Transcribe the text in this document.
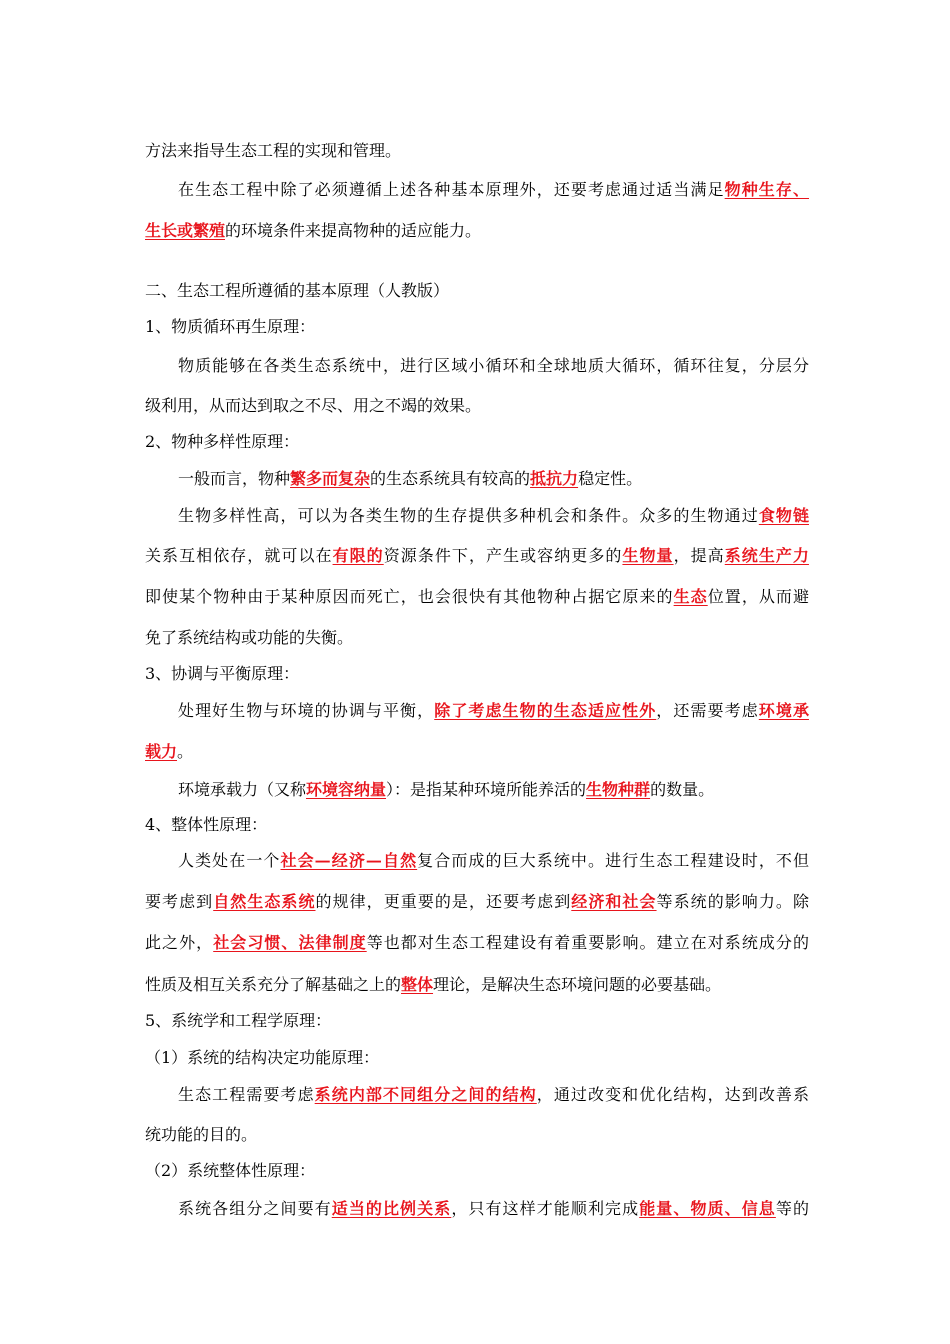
方法来指导生态工程的实现和管理。

在生态工程中除了必须遵循上述各种基本原理外，还要考虑通过适当满足物种生存、

生长或繁殖的环境条件来提高物种的适应能力。

二、生态工程所遵循的基本原理（人教版）

1、物质循环再生原理：

物质能够在各类生态系统中，进行区域小循环和全球地质大循环，循环往复，分层分

级利用，从而达到取之不尽、用之不竭的效果。

2、物种多样性原理：

一般而言，物种繁多而复杂的生态系统具有较高的抵抗力稳定性。

生物多样性高，可以为各类生物的生存提供多种机会和条件。众多的生物通过食物链

关系互相依存，就可以在有限的资源条件下，产生或容纳更多的生物量，提高系统生产力

即使某个物种由于某种原因而死亡，也会很快有其他物种占据它原来的生态位置，从而避

免了系统结构或功能的失衡。

3、协调与平衡原理：

处理好生物与环境的协调与平衡，除了考虑生物的生态适应性外，还需要考虑环境承

载力。

环境承载力（又称环境容纳量）：是指某种环境所能养活的生物种群的数量。

4、整体性原理：

人类处在一个社会—经济—自然复合而成的巨大系统中。进行生态工程建设时，不但

要考虑到自然生态系统的规律，更重要的是，还要考虑到经济和社会等系统的影响力。除

此之外，社会习惯、法律制度等也都对生态工程建设有着重要影响。建立在对系统成分的

性质及相互关系充分了解基础之上的整体理论，是解决生态环境问题的必要基础。

5、系统学和工程学原理：

（1）系统的结构决定功能原理：

生态工程需要考虑系统内部不同组分之间的结构，通过改变和优化结构，达到改善系

统功能的目的。

（2）系统整体性原理：

系统各组分之间要有适当的比例关系，只有这样才能顺利完成能量、物质、信息等的
